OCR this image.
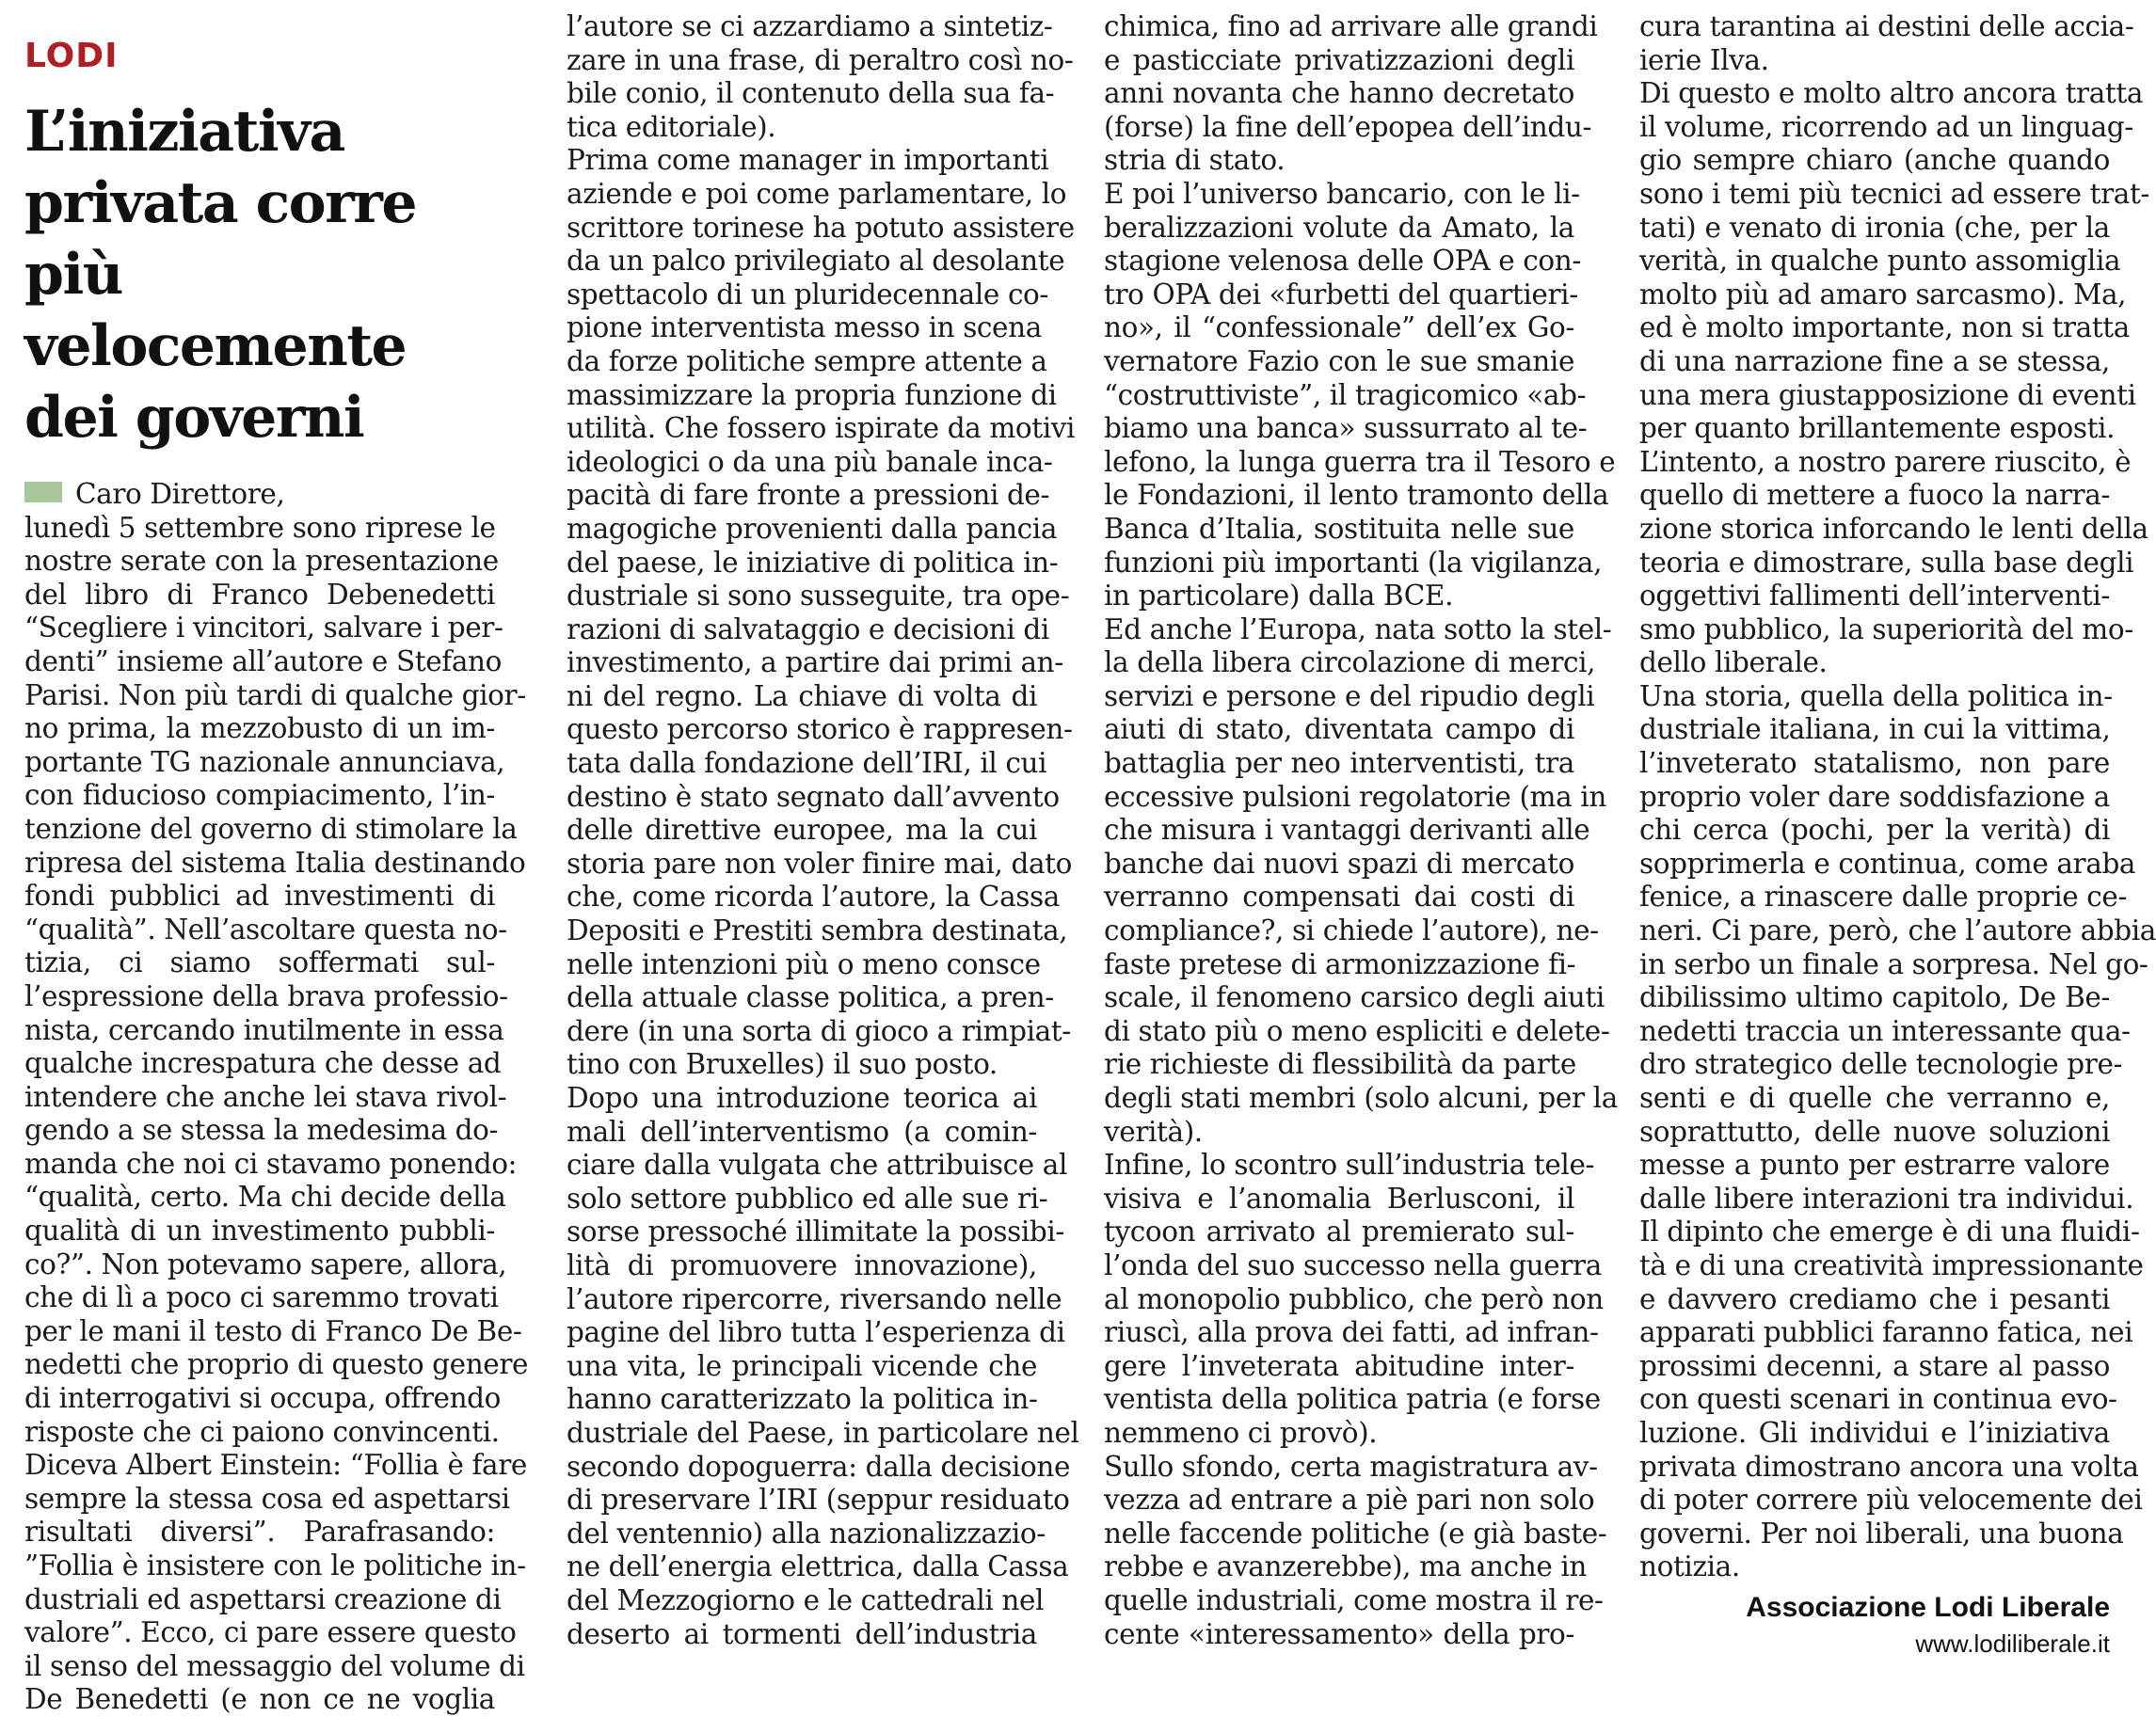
LODI
L’iniziativa
privata corre
più velocemente
dei governi
Caro Direttore,
lunedì 5 settembre sono riprese le
nostre serate con la presentazione
del libro di Franco Debenedetti
“Scegliere i vincitori, salvare i per-
denti” insieme all’autore e Stefano
Parisi. Non più tardi di qualche gior-
no prima, la mezzobusto di un im-
portante TG nazionale annunciava,
con fiducioso compiacimento, l’in-
tenzione del governo di stimolare la
ripresa del sistema Italia destinando
fondi pubblici ad investimenti di
“qualità”. Nell’ascoltare questa no-
tizia, ci siamo soffermati sul-
l’espressione della brava professio-
nista, cercando inutilmente in essa
qualche increspatura che desse ad
intendere che anche lei stava rivol-
gendo a se stessa la medesima do-
manda che noi ci stavamo ponendo:
“qualità, certo. Ma chi decide della
qualità di un investimento pubbli-
co?”. Non potevamo sapere, allora,
che di lì a poco ci saremmo trovati
per le mani il testo di Franco De Be-
nedetti che proprio di questo genere
di interrogativi si occupa, offrendo
risposte che ci paiono convincenti.
Diceva Albert Einstein: “Follia è fare
sempre la stessa cosa ed aspettarsi
risultati diversi”. Parafrasando:
”Follia è insistere con le politiche in-
dustriali ed aspettarsi creazione di
valore”. Ecco, ci pare essere questo
il senso del messaggio del volume di
De Benedetti (e non ce ne voglia
l’autore se ci azzardiamo a sintetiz-
zare in una frase, di peraltro così no-
bile conio, il contenuto della sua fa-
tica editoriale).
Prima come manager in importanti
aziende e poi come parlamentare, lo
scrittore torinese ha potuto assistere
da un palco privilegiato al desolante
spettacolo di un pluridecennale co-
pione interventista messo in scena
da forze politiche sempre attente a
massimizzare la propria funzione di
utilità. Che fossero ispirate da motivi
ideologici o da una più banale inca-
pacità di fare fronte a pressioni de-
magogiche provenienti dalla pancia
del paese, le iniziative di politica in-
dustriale si sono susseguite, tra ope-
razioni di salvataggio e decisioni di
investimento, a partire dai primi an-
ni del regno. La chiave di volta di
questo percorso storico è rappresen-
tata dalla fondazione dell’IRI, il cui
destino è stato segnato dall’avvento
delle direttive europee, ma la cui
storia pare non voler finire mai, dato
che, come ricorda l’autore, la Cassa
Depositi e Prestiti sembra destinata,
nelle intenzioni più o meno consce
della attuale classe politica, a pren-
dere (in una sorta di gioco a rimpiat-
tino con Bruxelles) il suo posto.
Dopo una introduzione teorica ai
mali dell’interventismo (a comin-
ciare dalla vulgata che attribuisce al
solo settore pubblico ed alle sue ri-
sorse pressoché illimitate la possibi-
lità di promuovere innovazione),
l’autore ripercorre, riversando nelle
pagine del libro tutta l’esperienza di
una vita, le principali vicende che
hanno caratterizzato la politica in-
dustriale del Paese, in particolare nel
secondo dopoguerra: dalla decisione
di preservare l’IRI (seppur residuato
del ventennio) alla nazionalizzazio-
ne dell’energia elettrica, dalla Cassa
del Mezzogiorno e le cattedrali nel
deserto ai tormenti dell’industria
chimica, fino ad arrivare alle grandi
e pasticciate privatizzazioni degli
anni novanta che hanno decretato
(forse) la fine dell’epopea dell’indu-
stria di stato.
E poi l’universo bancario, con le li-
beralizzazioni volute da Amato, la
stagione velenosa delle OPA e con-
tro OPA dei «furbetti del quartieri-
no», il “confessionale” dell’ex Go-
vernatore Fazio con le sue smanie
“costruttiviste”, il tragicomico «ab-
biamo una banca» sussurrato al te-
lefono, la lunga guerra tra il Tesoro e
le Fondazioni, il lento tramonto della
Banca d’Italia, sostituita nelle sue
funzioni più importanti (la vigilanza,
in particolare) dalla BCE.
Ed anche l’Europa, nata sotto la stel-
la della libera circolazione di merci,
servizi e persone e del ripudio degli
aiuti di stato, diventata campo di
battaglia per neo interventisti, tra
eccessive pulsioni regolatorie (ma in
che misura i vantaggi derivanti alle
banche dai nuovi spazi di mercato
verranno compensati dai costi di
compliance?, si chiede l’autore), ne-
faste pretese di armonizzazione fi-
scale, il fenomeno carsico degli aiuti
di stato più o meno espliciti e delete-
rie richieste di flessibilità da parte
degli stati membri (solo alcuni, per la
verità).
Infine, lo scontro sull’industria tele-
visiva e l’anomalia Berlusconi, il
tycoon arrivato al premierato sul-
l’onda del suo successo nella guerra
al monopolio pubblico, che però non
riuscì, alla prova dei fatti, ad infran-
gere l’inveterata abitudine inter-
ventista della politica patria (e forse
nemmeno ci provò).
Sullo sfondo, certa magistratura av-
vezza ad entrare a piè pari non solo
nelle faccende politiche (e già baste-
rebbe e avanzerebbe), ma anche in
quelle industriali, come mostra il re-
cente «interessamento» della pro-
cura tarantina ai destini delle accia-
ierie Ilva.
Di questo e molto altro ancora tratta
il volume, ricorrendo ad un linguag-
gio sempre chiaro (anche quando
sono i temi più tecnici ad essere trat-
tati) e venato di ironia (che, per la
verità, in qualche punto assomiglia
molto più ad amaro sarcasmo). Ma,
ed è molto importante, non si tratta
di una narrazione fine a se stessa,
una mera giustapposizione di eventi
per quanto brillantemente esposti.
L’intento, a nostro parere riuscito, è
quello di mettere a fuoco la narra-
zione storica inforcando le lenti della
teoria e dimostrare, sulla base degli
oggettivi fallimenti dell’interventi-
smo pubblico, la superiorità del mo-
dello liberale.
Una storia, quella della politica in-
dustriale italiana, in cui la vittima,
l’inveterato statalismo, non pare
proprio voler dare soddisfazione a
chi cerca (pochi, per la verità) di
sopprimerla e continua, come araba
fenice, a rinascere dalle proprie ce-
neri. Ci pare, però, che l’autore abbia
in serbo un finale a sorpresa. Nel go-
dibilissimo ultimo capitolo, De Be-
nedetti traccia un interessante qua-
dro strategico delle tecnologie pre-
senti e di quelle che verranno e,
soprattutto, delle nuove soluzioni
messe a punto per estrarre valore
dalle libere interazioni tra individui.
Il dipinto che emerge è di una fluidi-
tà e di una creatività impressionante
e davvero crediamo che i pesanti
apparati pubblici faranno fatica, nei
prossimi decenni, a stare al passo
con questi scenari in continua evo-
luzione. Gli individui e l’iniziativa
privata dimostrano ancora una volta
di poter correre più velocemente dei
governi. Per noi liberali, una buona
notizia.
Associazione Lodi Liberale
www.lodiliberale.it
